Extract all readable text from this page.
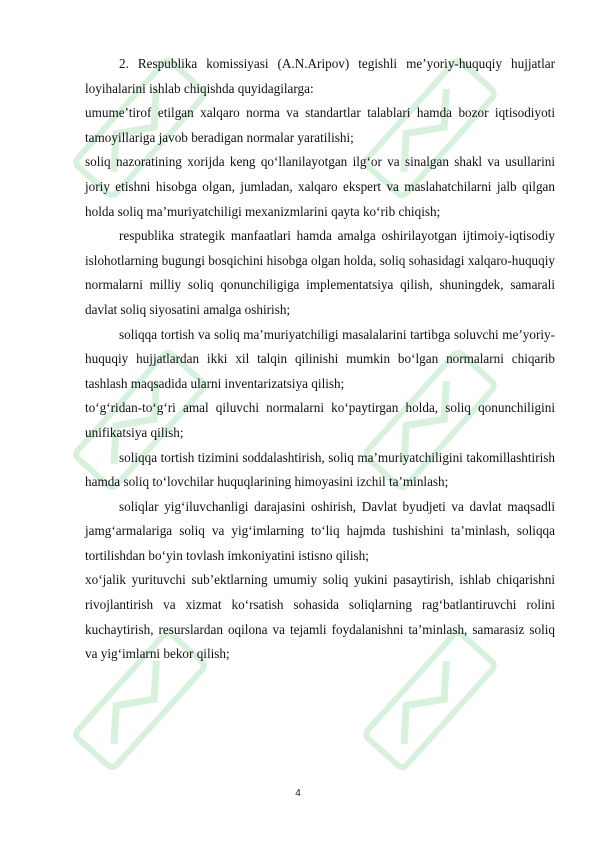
2. Respublika komissiyasi (A.N.Aripov) tegishli me’yoriy-huquqiy hujjatlar loyihalarini ishlab chiqishda quyidagilarga:

umume’tirof etilgan xalqaro norma va standartlar talablari hamda bozor iqtisodiyoti tamoyillariga javob beradigan normalar yaratilishi;

soliq nazoratining xorijda keng qo‘llanilayotgan ilg‘or va sinalgan shakl va usullarini joriy etishni hisobga olgan, jumladan, xalqaro ekspert va maslahatchilarni jalb qilgan holda soliq ma’muriyatchiligi mexanizmlarini qayta ko‘rib chiqish;

respublika strategik manfaatlari hamda amalga oshirilayotgan ijtimoiy-iqtisodiy islohotlarning bugungi bosqichini hisobga olgan holda, soliq sohasidagi xalqaro-huquqiy normalarni milliy soliq qonunchiligiga implementatsiya qilish, shuningdek, samarali davlat soliq siyosatini amalga oshirish;

soliqqa tortish va soliq ma’muriyatchiligi masalalarini tartibga soluvchi me’yoriy-huquqiy hujjatlardan ikki xil talqin qilinishi mumkin bo‘lgan normalarni chiqarib tashlash maqsadida ularni inventarizatsiya qilish;

to‘g‘ridan-to‘g‘ri amal qiluvchi normalarni ko‘paytirgan holda, soliq qonunchiligini unifikatsiya qilish;

soliqqa tortish tizimini soddalashtirish, soliq ma’muriyatchiligini takomillashtirish hamda soliq to‘lovchilar huquqlarining himoyasini izchil ta’minlash;

soliqlar yig‘iluvchanligi darajasini oshirish, Davlat byudjeti va davlat maqsadli jamg‘armalariga soliq va yig‘imlarning to‘liq hajmda tushishini ta’minlash, soliqqa tortilishdan bo‘yin tovlash imkoniyatini istisno qilish;

xo‘jalik yurituvchi sub’ektlarning umumiy soliq yukini pasaytirish, ishlab chiqarishni rivojlantirish va xizmat ko‘rsatish sohasida soliqlarning rag‘batlantiruvchi rolini kuchaytirish, resurslardan oqilona va tejamli foydalanishni ta’minlash, samarasiz soliq va yig‘imlarni bekor qilish;

4
